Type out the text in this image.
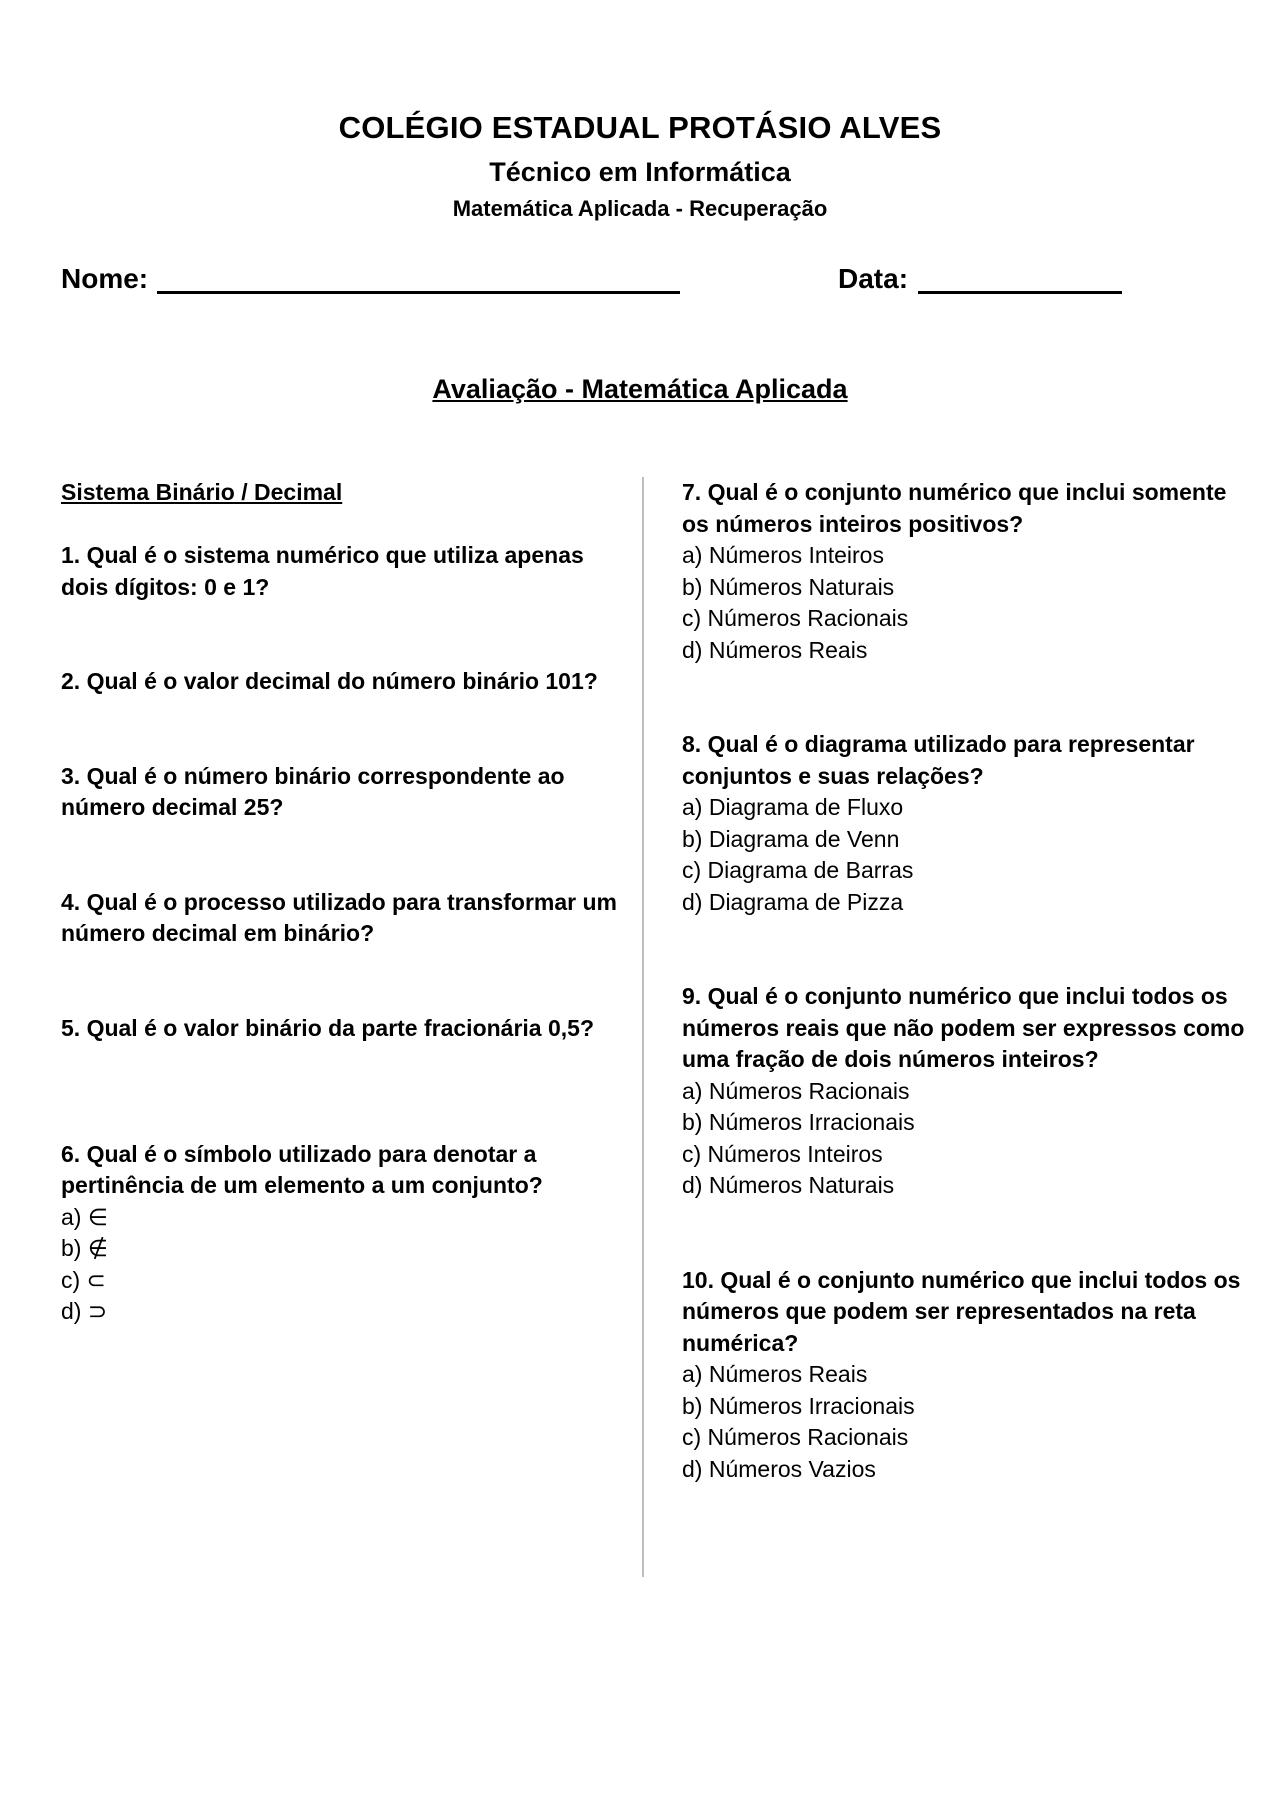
COLÉGIO ESTADUAL PROTÁSIO ALVES
Técnico em Informática
Matemática Aplicada - Recuperação
Nome:	Data:
Avaliação - Matemática Aplicada

Sistema Binário / Decimal

1. Qual é o sistema numérico que utiliza apenas dois dígitos: 0 e 1?

2. Qual é o valor decimal do número binário 101?

3. Qual é o número binário correspondente ao número decimal 25?

4. Qual é o processo utilizado para transformar um número decimal em binário?

5. Qual é o valor binário da parte fracionária 0,5?

6. Qual é o símbolo utilizado para denotar a pertinência de um elemento a um conjunto?

a) ∈

b) ∉

c) ⊂

d) ⊃

7. Qual é o conjunto numérico que inclui somente os números inteiros positivos?

a) Números Inteiros

b) Números Naturais

c) Números Racionais

d) Números Reais

8. Qual é o diagrama utilizado para representar conjuntos e suas relações?

a) Diagrama de Fluxo

b) Diagrama de Venn

c) Diagrama de Barras

d) Diagrama de Pizza

9. Qual é o conjunto numérico que inclui todos os números reais que não podem ser expressos como uma fração de dois números inteiros?

a) Números Racionais

b) Números Irracionais

c) Números Inteiros

d) Números Naturais

10. Qual é o conjunto numérico que inclui todos os números que podem ser representados na reta numérica?

a) Números Reais

b) Números Irracionais

c) Números Racionais

d) Números Vazios
